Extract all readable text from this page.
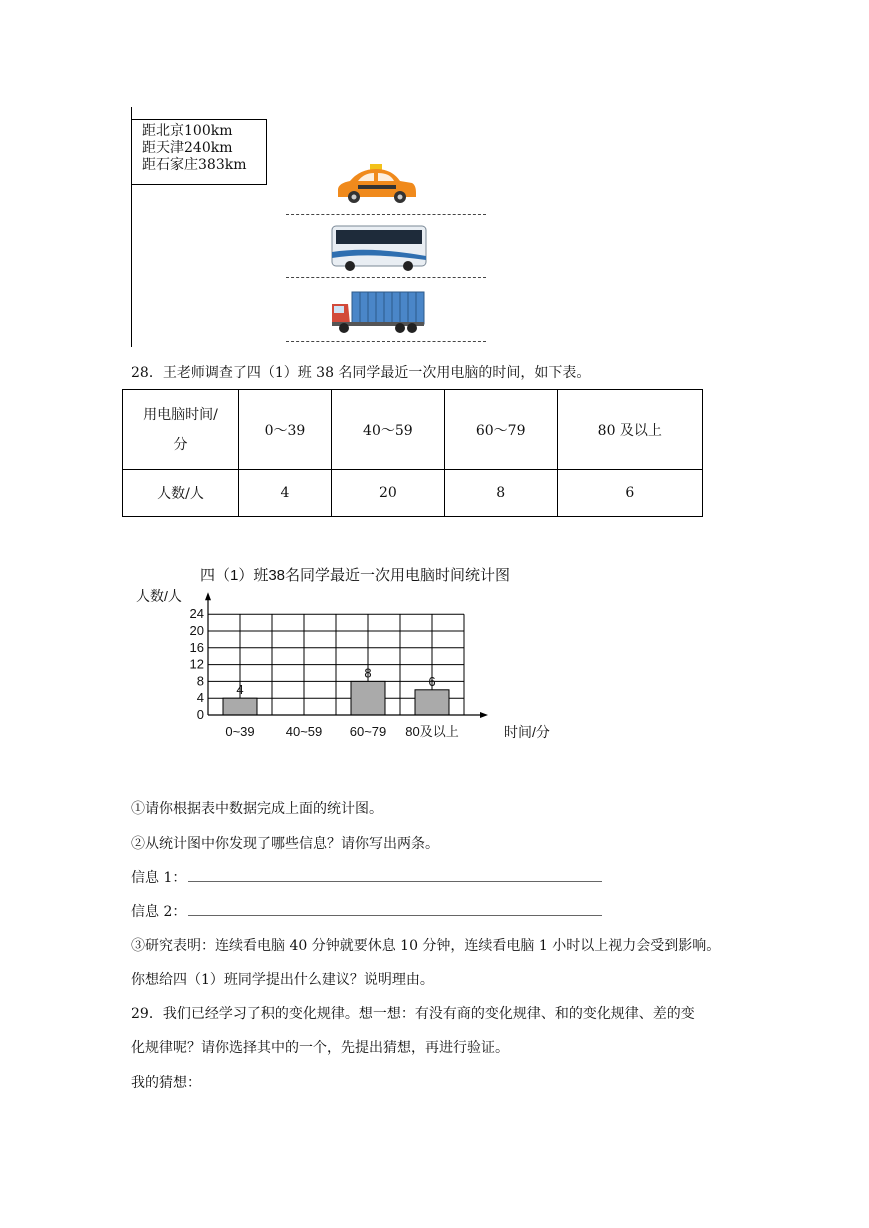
距北京100km
距天津240km
距石家庄383km
28．王老师调查了四（1）班 38 名同学最近一次用电脑的时间，如下表。
用电脑时间/
分	0～39	40～59	60～79	80 及以上
人数/人	4	20	8	6
四（1）班38名同学最近一次用电脑时间统计图
人数/人
时间/分
4
8
6
0
4
8
12
16
20
24
0~39 40~59 60~79 80及以上
①请你根据表中数据完成上面的统计图。
②从统计图中你发现了哪些信息？请你写出两条。
信息 1：
信息 2：
③研究表明：连续看电脑 40 分钟就要休息 10 分钟，连续看电脑 1 小时以上视力会受到影响。
你想给四（1）班同学提出什么建议？说明理由。
29．我们已经学习了积的变化规律。想一想：有没有商的变化规律、和的变化规律、差的变
化规律呢？请你选择其中的一个，先提出猜想，再进行验证。
我的猜想：
